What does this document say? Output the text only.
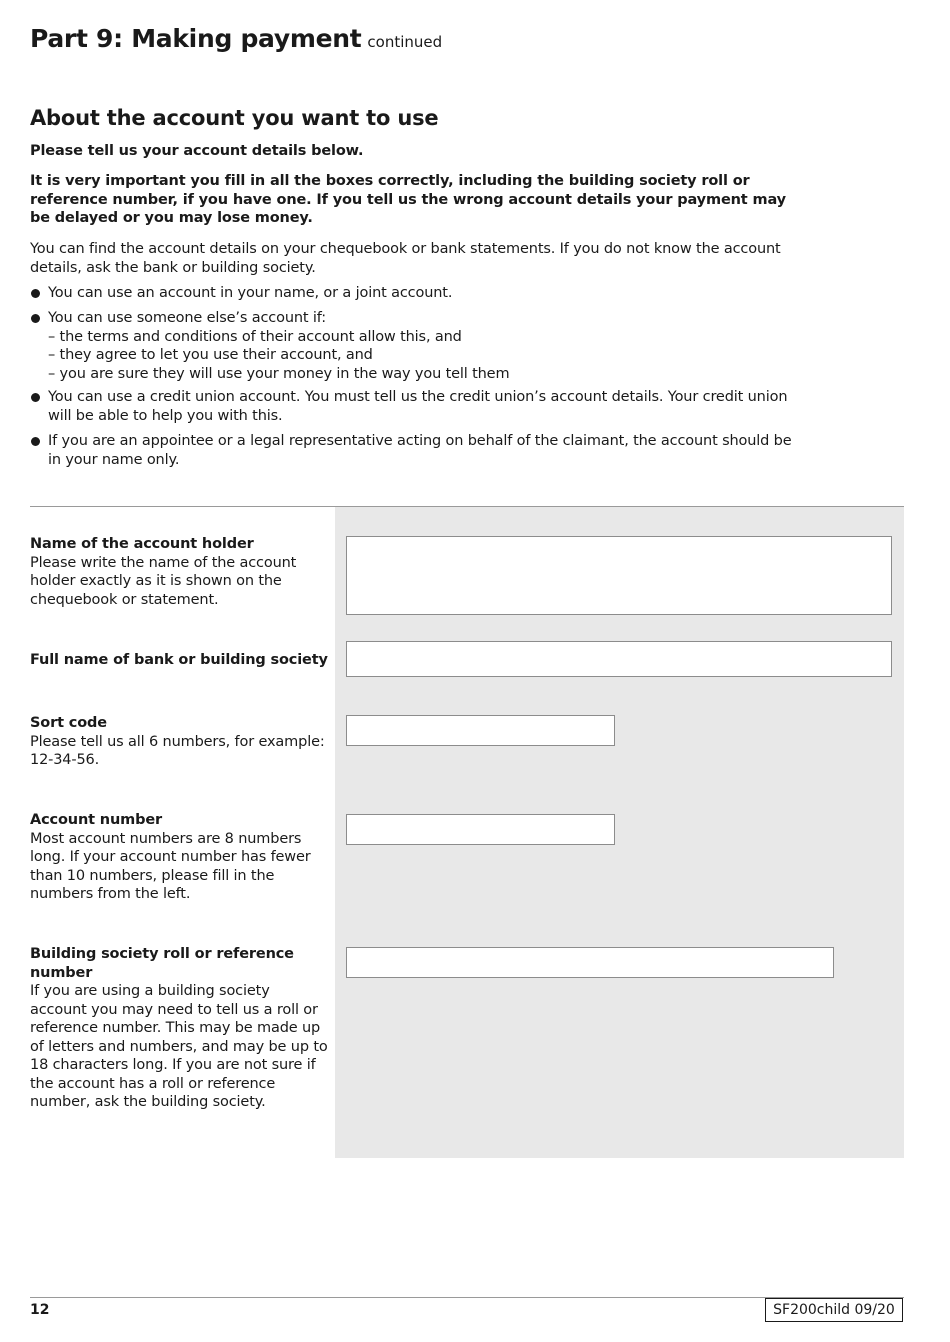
Part 9: Making payment continued
About the account you want to use

Please tell us your account details below.

It is very important you fill in all the boxes correctly, including the building society roll or reference number, if you have one. If you tell us the wrong account details your payment may be delayed or you may lose money.

You can find the account details on your chequebook or bank statements. If you do not know the account details, ask the bank or building society.

You can use an account in your name, or a joint account.
You can use someone else’s account if:
– the terms and conditions of their account allow this, and
– they agree to let you use their account, and
– you are sure they will use your money in the way you tell them
You can use a credit union account. You must tell us the credit union’s account details. Your credit union will be able to help you with this.
If you are an appointee or a legal representative acting on behalf of the claimant, the account should be in your name only.
Name of the account holder
Please write the name of the account holder exactly as it is shown on the chequebook or statement.
Full name of bank or building society
Sort code
Please tell us all 6 numbers, for example: 12-34-56.
Account number
Most account numbers are 8 numbers long. If your account number has fewer than 10 numbers, please fill in the numbers from the left.
Building society roll or reference number
If you are using a building society account you may need to tell us a roll or reference number. This may be made up of letters and numbers, and may be up to 18 characters long. If you are not sure if the account has a roll or reference number, ask the building society.
12	SF200child 09/20
